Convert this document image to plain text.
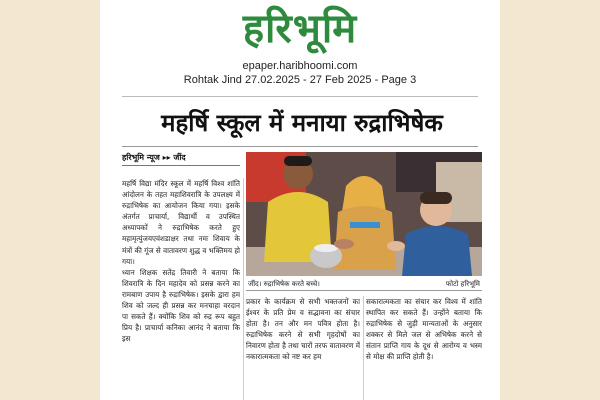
हरिभूमि
epaper.haribhoomi.com
Rohtak Jind 27.02.2025 - 27 Feb 2025 - Page 3
महर्षि स्कूल में मनाया रुद्राभिषेक
हरिभूमि न्यूज ▸▸ जींद

महर्षि विद्या मंदिर स्कूल में महर्षि विश्व शांति आंदोलन के तहत महाशिवरात्रि के उपलक्ष्य में रुद्राभिषेक का आयोजन किया गया। इसके अंतर्गत प्राचार्या, विद्यार्थी व उपस्थित अध्यापकों ने रुद्राभिषेक करते हुए महामृत्युंजयएवंशडाक्षर तथा नमः शिवाय के मंत्रों की गूंज से वातावरण शुद्ध व भक्तिमय हो गया।

ध्यान शिक्षक सतेंद्र तिवारी ने बताया कि शिवरात्रि के दिन महादेव को प्रसन्न करने का रामबाण उपाय है रुद्राभिषेक। इसके द्वारा हम शिव को जल्द ही प्रसन्न कर मनचाहा वरदान पा सकते हैं। क्योंकि शिव को रुद्र रूप बहुत प्रिय है। प्राचार्या कनिका आनंद ने बताया कि इस

जींद। रुद्राभिषेक करते बच्चे।	फोटो हरिभूमि
प्रकार के कार्यक्रम से सभी भक्तजनों का ईश्वर के प्रति प्रेम व सद्भावना का संचार होता है। तन और मन पवित्र होता है। रुद्राभिषेक करने से सभी गृहदोषों का निवारण होता है तथा चारों तरफ वातावरण में नकारात्मकता को नष्ट कर हम
सकारात्मकता का संचार कर विश्व में शांति स्थापित कर सकते हैं। उन्होंने बताया कि रुद्राभिषेक से जुड़ी मान्यताओं के अनुसार शक्कर से मिले जल से अभिषेक करने से संतान प्राप्ति गाय के दूध से आरोग्य व भस्म से मोक्ष की प्राप्ति होती है।
